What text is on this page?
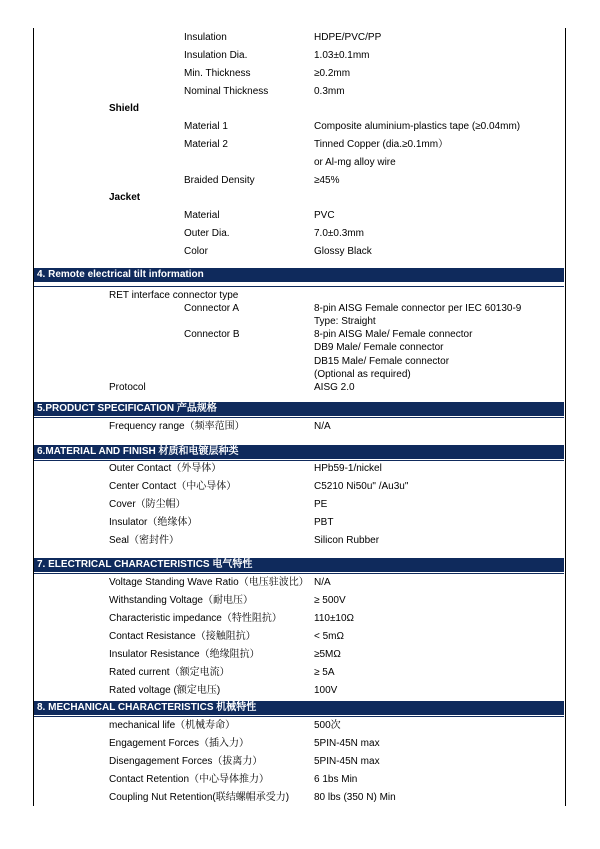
Insulation	HDPE/PVC/PP
Insulation Dia.	1.03±0.1mm
Min. Thickness	≥0.2mm
Nominal Thickness	0.3mm
Shield
Material 1	Composite aluminium-plastics tape (≥0.04mm)
Material 2	Tinned Copper (dia.≥0.1mm）
or Al-mg alloy wire
Braided Density	≥45%
Jacket
Material	PVC
Outer Dia.	7.0±0.3mm
Color	Glossy Black
4. Remote electrical tilt information
RET interface connector type
Connector A	8-pin AISG Female connector per IEC 60130-9
Type: Straight
Connector B	8-pin AISG Male/ Female connector
DB9 Male/ Female connector
DB15 Male/ Female connector
(Optional as required)
Protocol	AISG 2.0
5.PRODUCT SPECIFICATION 产品规格
Frequency range（频率范围）	N/A
6.MATERIAL AND FINISH 材质和电镀层种类
Outer Contact（外导体）	HPb59-1/nickel
Center Contact（中心导体）	C5210 Ni50u" /Au3u"
Cover（防尘帽）	PE
Insulator（绝缘体）	PBT
Seal（密封件）	Silicon Rubber
7. ELECTRICAL CHARACTERISTICS 电气特性
Voltage Standing Wave Ratio（电压驻波比） N/A
Withstanding Voltage（耐电压）	≥ 500V
Characteristic impedance（特性阻抗）	110±10Ω
Contact Resistance（接触阻抗）	< 5mΩ
Insulator Resistance（绝缘阻抗）	≥5MΩ
Rated current（额定电流）	≥ 5A
Rated voltage (额定电压)	100V
8. MECHANICAL CHARACTERISTICS 机械特性
mechanical life（机械寿命）	500次
Engagement Forces（插入力）	5PIN-45N max
Disengagement Forces（拔离力）	5PIN-45N max
Contact Retention（中心导体推力）	6 1bs Min
Coupling Nut Retention(联结螺帽承受力) 80 lbs (350 N) Min
